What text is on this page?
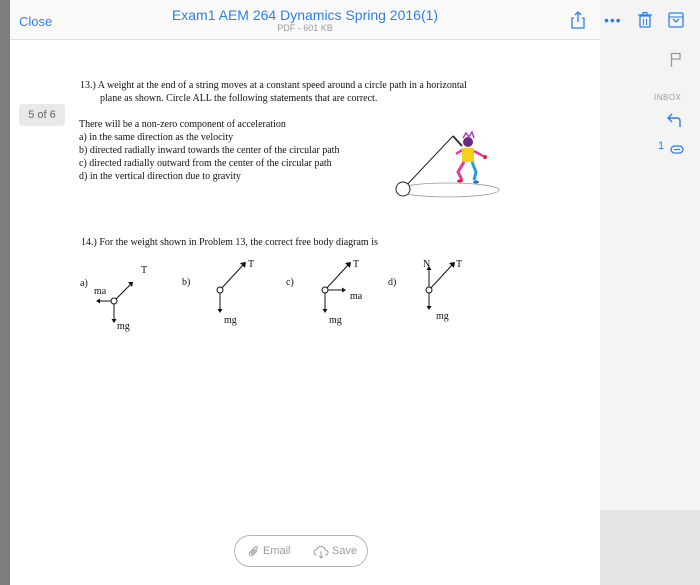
•••
INBOX
1
Close	Exam1 AEM 264 Dynamics Spring 2016(1)
PDF - 601 KB
5 of 6
13.) A weight at the end of a string moves at a constant speed around a circle path in a horizontal
plane as shown. Circle ALL the following statements that are correct.
There will be a non-zero component of acceleration
a) in the same direction as the velocity
b) directed radially inward towards the center of the circular path
c) directed radially outward from the center of the circular path
d) in the vertical direction due to gravity
14.) For the weight shown in Problem 13, the correct free body diagram is
a)
T
ma
mg
b)
T
mg
c)
T
ma
mg
d)
N	T
mg
Email	Save
